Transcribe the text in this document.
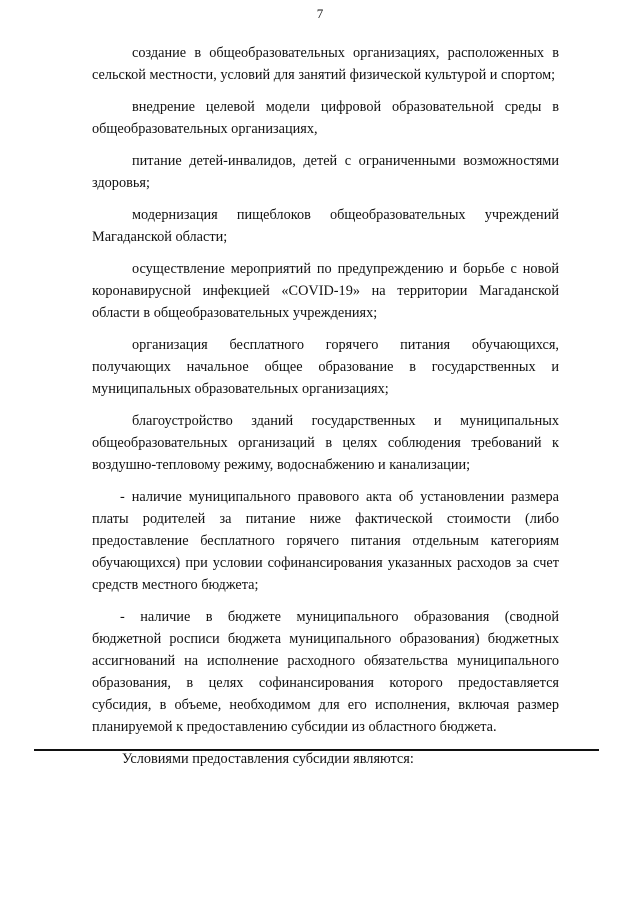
7

создание в общеобразовательных организациях, расположенных в сельской местности, условий для занятий физической культурой и спортом;

внедрение целевой модели цифровой образовательной среды в общеобразовательных организациях,

питание детей-инвалидов, детей с ограниченными возможностями здоровья;

модернизация пищеблоков общеобразовательных учреждений Магаданской области;

осуществление мероприятий по предупреждению и борьбе с новой коронавирусной инфекцией «COVID-19» на территории Магаданской области в общеобразовательных учреждениях;

организация бесплатного горячего питания обучающихся, получающих начальное общее образование в государственных и муниципальных образовательных организациях;

благоустройство зданий государственных и муниципальных общеобразовательных организаций в целях соблюдения требований к воздушно-тепловому режиму, водоснабжению и канализации;

- наличие муниципального правового акта об установлении размера платы родителей за питание ниже фактической стоимости (либо предоставление бесплатного горячего питания отдельным категориям обучающихся) при условии софинансирования указанных расходов за счет средств местного бюджета;

- наличие в бюджете муниципального образования (сводной бюджетной росписи бюджета муниципального образования) бюджетных ассигнований на исполнение расходного обязательства муниципального образования, в целях софинансирования которого предоставляется субсидия, в объеме, необходимом для его исполнения, включая размер планируемой к предоставлению субсидии из областного бюджета.

Условиями предоставления субсидии являются:
